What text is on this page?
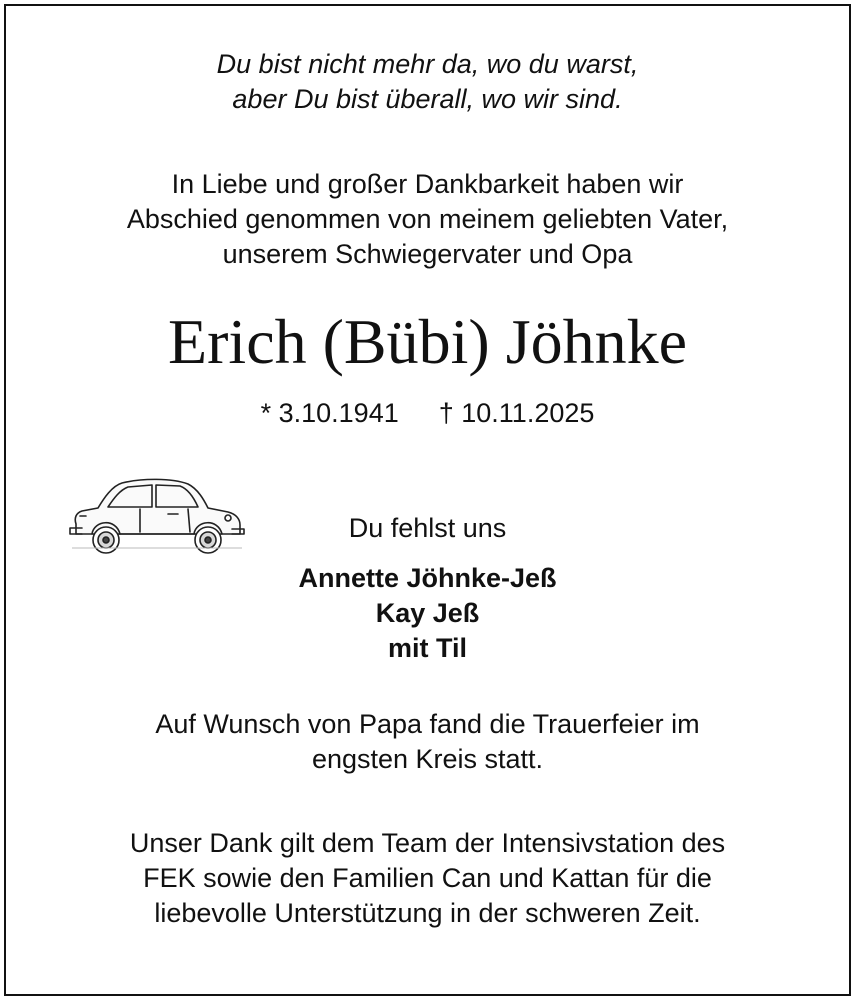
Du bist nicht mehr da, wo du warst,
aber Du bist überall, wo wir sind.
In Liebe und großer Dankbarkeit haben wir
Abschied genommen von meinem geliebten Vater,
unserem Schwiegervater und Opa
Erich (Bübi) Jöhnke
* 3.10.1941 † 10.11.2025
Du fehlst uns
Annette Jöhnke-Jeß
Kay Jeß
mit Til
Auf Wunsch von Papa fand die Trauerfeier im
engsten Kreis statt.
Unser Dank gilt dem Team der Intensivstation des
FEK sowie den Familien Can und Kattan für die
liebevolle Unterstützung in der schweren Zeit.
